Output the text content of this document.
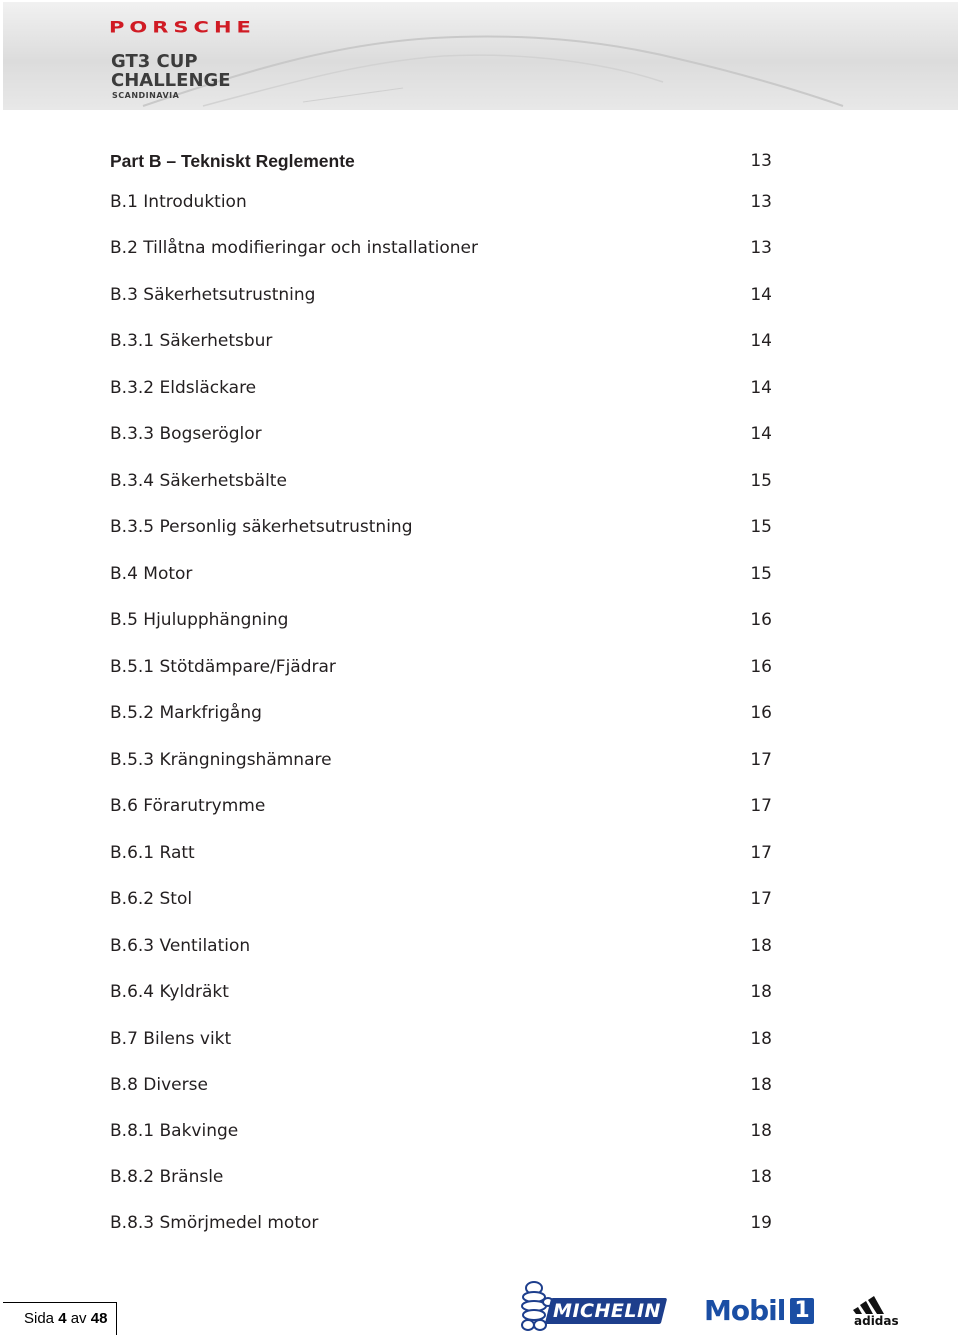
PORSCHE
GT3 CUP
CHALLENGE
SCANDINAVIA
Part B – Tekniskt Reglemente	13
B.1 Introduktion	13
B.2 Tillåtna modifieringar och installationer	13
B.3 Säkerhetsutrustning	14
B.3.1 Säkerhetsbur	14
B.3.2 Eldsläckare	14
B.3.3 Bogseröglor	14
B.3.4 Säkerhetsbälte	15
B.3.5 Personlig säkerhetsutrustning	15
B.4 Motor	15
B.5 Hjulupphängning	16
B.5.1 Stötdämpare/Fjädrar	16
B.5.2 Markfrigång	16
B.5.3 Krängningshämnare	17
B.6 Förarutrymme	17
B.6.1 Ratt	17
B.6.2 Stol	17
B.6.3 Ventilation	18
B.6.4 Kyldräkt	18
B.7 Bilens vikt	18
B.8 Diverse	18
B.8.1 Bakvinge	18
B.8.2 Bränsle	18
B.8.3 Smörjmedel motor	19
Sida 4 av 48	MICHELIN Mobil 1	adidas
